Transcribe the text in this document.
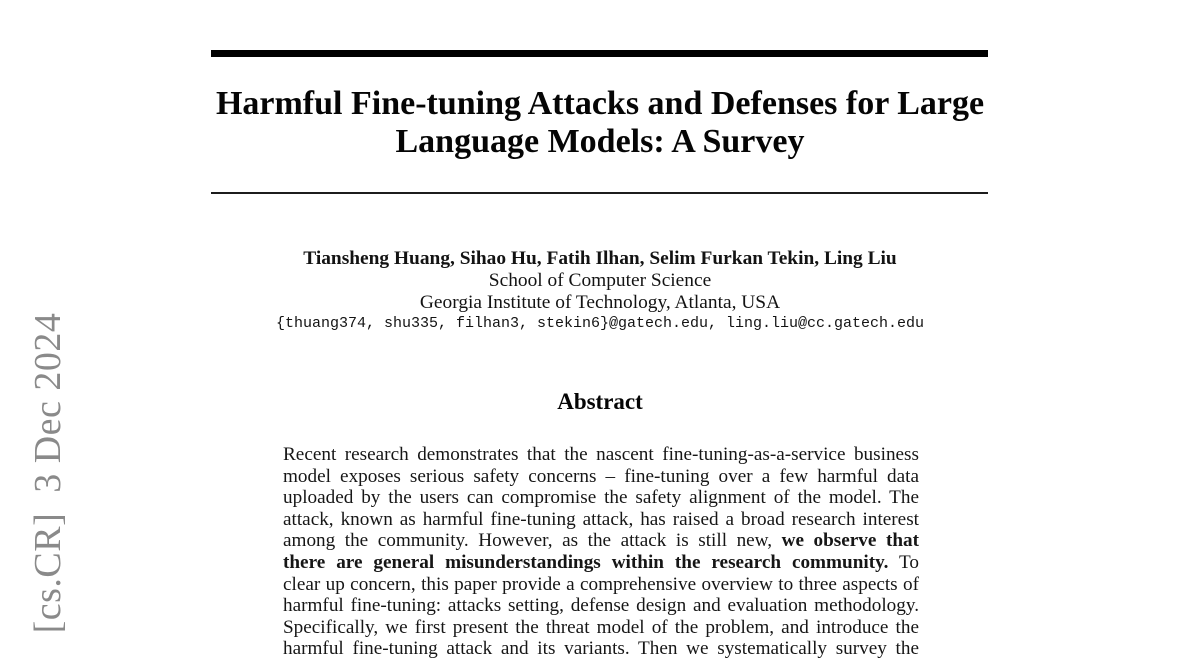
[cs.CR]  3 Dec 2024
Harmful Fine-tuning Attacks and Defenses for Large
Language Models: A Survey
Tiansheng Huang, Sihao Hu, Fatih Ilhan, Selim Furkan Tekin, Ling Liu
School of Computer Science
Georgia Institute of Technology, Atlanta, USA
{thuang374, shu335, filhan3, stekin6}@gatech.edu, ling.liu@cc.gatech.edu
Abstract
Recent research demonstrates that the nascent fine-tuning-as-a-service business
model exposes serious safety concerns – fine-tuning over a few harmful data
uploaded by the users can compromise the safety alignment of the model. The
attack, known as harmful fine-tuning attack, has raised a broad research interest
among the community. However, as the attack is still new, we observe that
there are general misunderstandings within the research community. To
clear up concern, this paper provide a comprehensive overview to three aspects of
harmful fine-tuning: attacks setting, defense design and evaluation methodology.
Specifically, we first present the threat model of the problem, and introduce the
harmful fine-tuning attack and its variants. Then we systematically survey the
